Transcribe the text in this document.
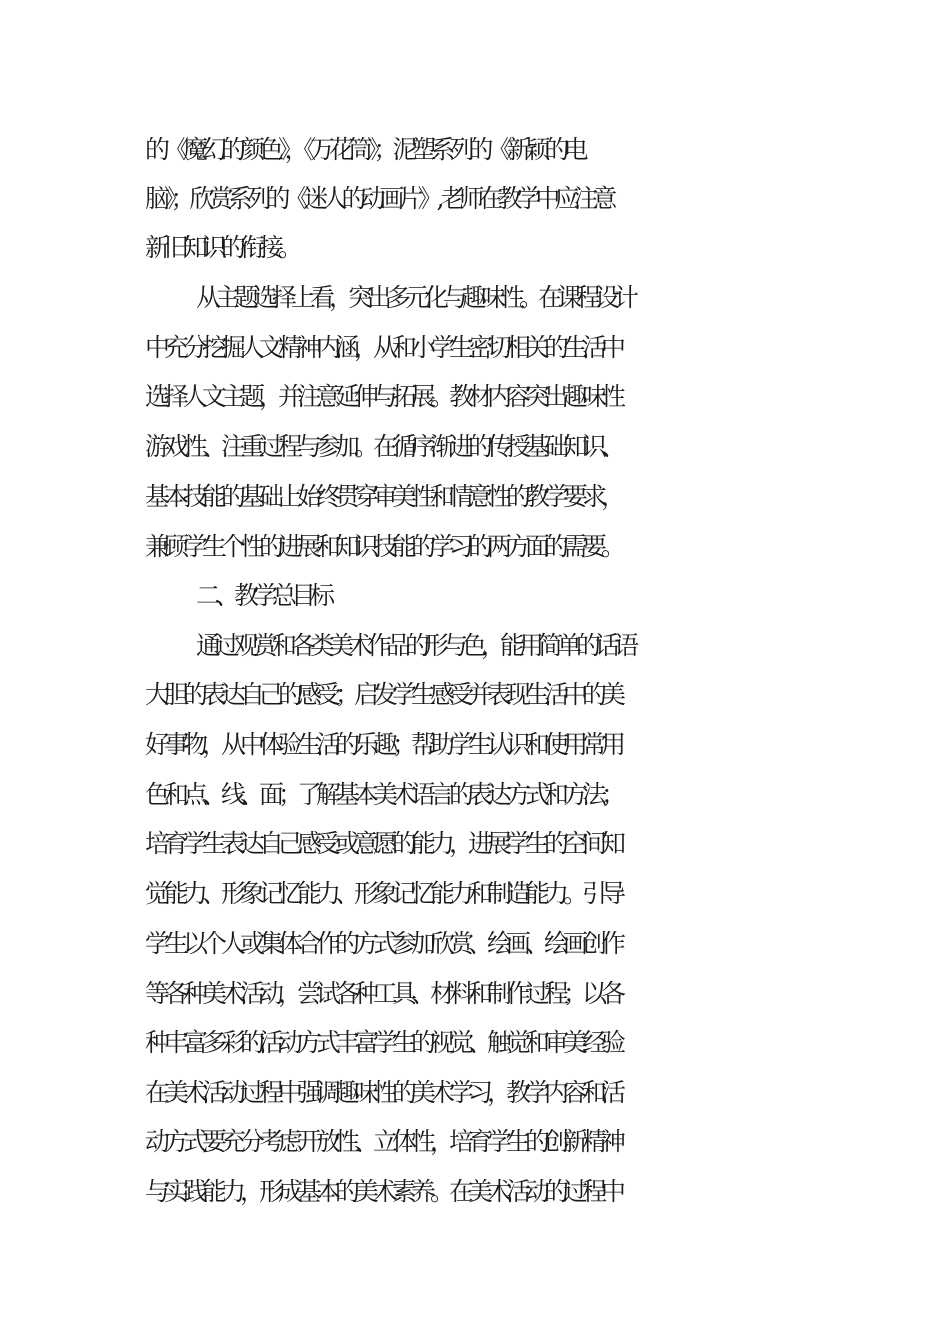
的《魔幻的颜色》，《万花筒》；泥塑系列的《新颖的电
脑》；欣赏系列的《迷人的动画片》, 老师在教学中应注意
新旧知识的衔接。
从主题选择上看，突出多元化与趣味性。在课程设计
中充分挖掘人文精神内涵，从和小学生密切相关的生活中
选择人文主题，并注意延伸与拓展。教材内容突出趣味性
游戏性、注重过程与参加。在循序渐进的传授基础知识、
基本技能的基础上始终贯穿审美性和情意性的教学要求，
兼顾学生个性的进展和知识技能的学习的两方面的需要。
二、教学总目标
通过观赏和各类美术作品的形与色，能用简单的话语
大胆的表达自己的感受；启发学生感受并表现生活中的美
好事物，从中体验生活的乐趣；帮助学生认识和使用常用
色和点、线、面；了解基本美术语言的表达方式和方法；
培育学生表达自己感受或意愿的能力，进展学生的空间知
觉能力、形象记忆能力、形象记忆能力和制造能力。引导
学生以个人或集体合作的方式参加欣赏、绘画、绘画创作
等各种美术活动，尝试各种工具、材料和制作过程；以各
种丰富多彩的活动方式丰富学生的视觉、触觉和审美经验
在美术活动过程中强调趣味性的美术学习，教学内容和活
动方式要充分考虑开放性、立体性，培育学生的创新精神
与实践能力，形成基本的美术素养。在美术活动的过程中
